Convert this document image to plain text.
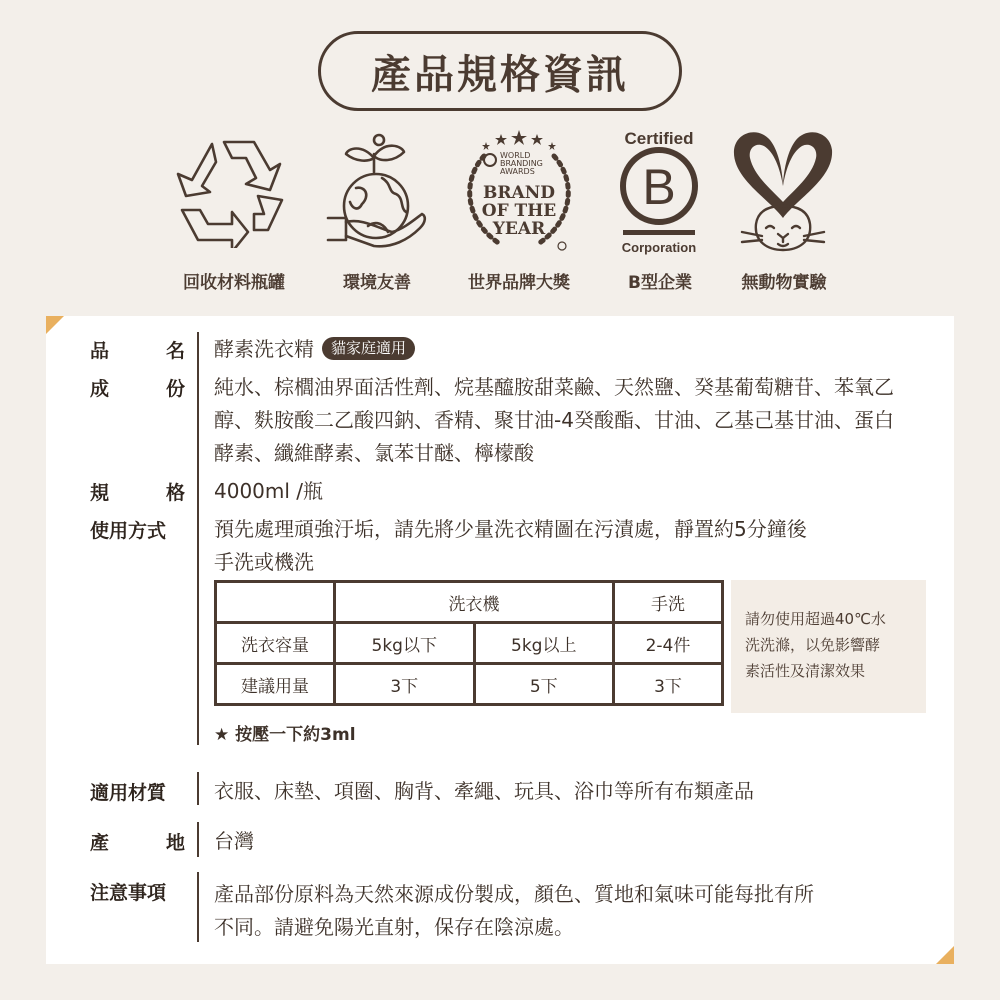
產品規格資訊
WORLD
BRANDING
AWARDS
BRAND
OF THE
YEAR
Certified
B
Corporation
回收材料瓶罐	環境友善	世界品牌大獎	B型企業	無動物實驗
品	名 酵素洗衣精 貓家庭適用
成	份 純水、棕櫚油界面活性劑、烷基醯胺甜菜鹼、天然鹽、癸基葡萄糖苷、苯氧乙
醇、麩胺酸二乙酸四鈉、香精、聚甘油-4癸酸酯、甘油、乙基己基甘油、蛋白
酵素、纖維酵素、氯苯甘醚、檸檬酸
規	格 4000ml /瓶
使用方式	預先處理頑強汙垢，請先將少量洗衣精圖在污漬處，靜置約5分鐘後
手洗或機洗
	洗衣機		手洗
洗衣容量	5kg以下	5kg以上	2-4件
建議用量	3下	5下	3下
請勿使用超過40℃水
洗洗滌，以免影響酵
素活性及清潔效果
★ 按壓一下約3ml
適用材質	衣服、床墊、項圈、胸背、牽繩、玩具、浴巾等所有布類產品
產	地 台灣
注意事項	產品部份原料為天然來源成份製成，顏色、質地和氣味可能每批有所
不同。請避免陽光直射，保存在陰涼處。
